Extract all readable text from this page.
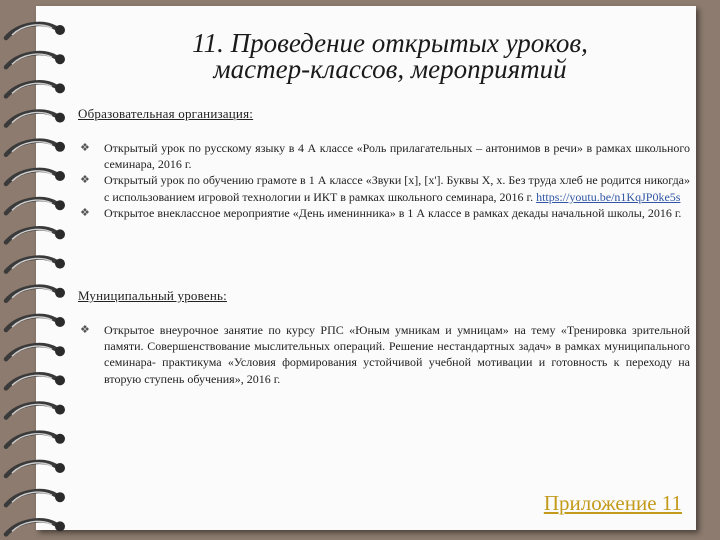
11. Проведение открытых уроков,
мастер-классов, мероприятий
Образовательная организация:
❖ Открытый урок по русскому языку в 4 А классе «Роль прилагательных – антонимов в речи» в рамках школьного семинара, 2016 г.
❖ Открытый урок по обучению грамоте в 1 А классе «Звуки [х], [х']. Буквы Х, х. Без труда хлеб не родится никогда» с использованием игровой технологии и ИКТ в рамках школьного семинара, 2016 г. https://youtu.be/n1KqJP0ke5s
❖ Открытое внеклассное мероприятие «День именинника» в 1 А классе в рамках декады начальной школы, 2016 г.
Муниципальный уровень:
❖ Открытое внеурочное занятие по курсу РПС «Юным умникам и умницам» на тему «Тренировка зрительной памяти. Совершенствование мыслительных операций. Решение нестандартных задач» в рамках муниципального семинара- практикума «Условия формирования устойчивой учебной мотивации и готовность к переходу на вторую ступень обучения», 2016 г.
Приложение 11
